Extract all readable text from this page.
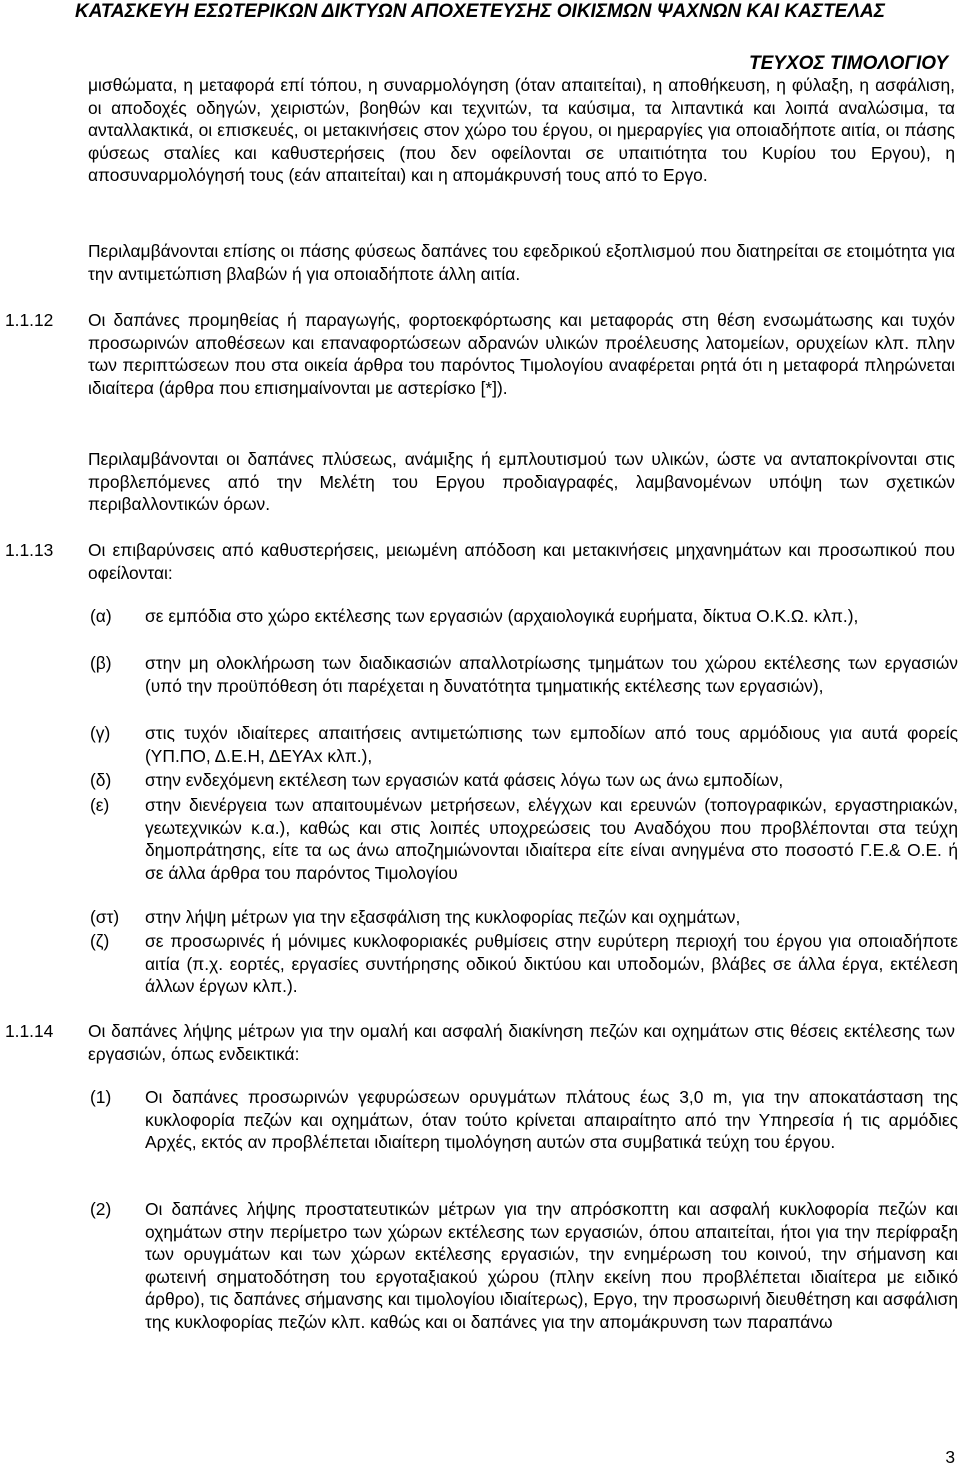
ΚΑΤΑΣΚΕΥΗ ΕΣΩΤΕΡΙΚΩΝ ΔΙΚΤΥΩΝ ΑΠΟΧΕΤΕΥΣΗΣ ΟΙΚΙΣΜΩΝ ΨΑΧΝΩΝ ΚΑΙ ΚΑΣΤΕΛΑΣ
ΤΕΥΧΟΣ ΤΙΜΟΛΟΓΙΟΥ
μισθώματα, η μεταφορά επί τόπου, η συναρμολόγηση (όταν απαιτείται), η αποθήκευση, η φύλαξη, η ασφάλιση, οι αποδοχές οδηγών, χειριστών, βοηθών και τεχνιτών, τα καύσιμα, τα λιπαντικά και λοιπά αναλώσιμα, τα ανταλλακτικά, οι επισκευές, οι μετακινήσεις στον χώρο του έργου, οι ημεραργίες για οποιαδήποτε αιτία, οι πάσης φύσεως σταλίες και καθυστερήσεις (που δεν οφείλονται σε υπαιτιότητα του Κυρίου του Εργου), η αποσυναρμολόγησή τους (εάν απαιτείται) και η απομάκρυνσή τους από το Εργο.
Περιλαμβάνονται επίσης οι πάσης φύσεως δαπάνες του εφεδρικού εξοπλισμού που διατηρείται σε ετοιμότητα για την αντιμετώπιση βλαβών ή για οποιαδήποτε άλλη αιτία.
1.1.12 Οι δαπάνες προμηθείας ή παραγωγής, φορτοεκφόρτωσης και μεταφοράς στη θέση ενσωμάτωσης και τυχόν προσωρινών αποθέσεων και επαναφορτώσεων αδρανών υλικών προέλευσης λατομείων, ορυχείων κλπ. πλην των περιπτώσεων που στα οικεία άρθρα του παρόντος Τιμολογίου αναφέρεται ρητά ότι η μεταφορά πληρώνεται ιδιαίτερα (άρθρα που επισημαίνονται με αστερίσκο [*]).
Περιλαμβάνονται οι δαπάνες πλύσεως, ανάμιξης ή εμπλουτισμού των υλικών, ώστε να ανταποκρίνονται στις προβλεπόμενες από την Μελέτη του Εργου προδιαγραφές, λαμβανομένων υπόψη των σχετικών περιβαλλοντικών όρων.
1.1.13 Οι επιβαρύνσεις από καθυστερήσεις, μειωμένη απόδοση και μετακινήσεις μηχανημάτων και προσωπικού που οφείλονται:
(α) σε εμπόδια στο χώρο εκτέλεσης των εργασιών (αρχαιολογικά ευρήματα, δίκτυα Ο.Κ.Ω. κλπ.),
(β) στην μη ολοκλήρωση των διαδικασιών απαλλοτρίωσης τμημάτων του χώρου εκτέλεσης των εργασιών (υπό την προϋπόθεση ότι παρέχεται η δυνατότητα τμηματικής εκτέλεσης των εργασιών),
(γ) στις τυχόν ιδιαίτερες απαιτήσεις αντιμετώπισης των εμποδίων από τους αρμόδιους για αυτά φορείς (ΥΠ.ΠΟ, Δ.Ε.Η, ΔΕΥΑx κλπ.),
(δ) στην ενδεχόμενη εκτέλεση των εργασιών κατά φάσεις λόγω των ως άνω εμποδίων,
(ε) στην διενέργεια των απαιτουμένων μετρήσεων, ελέγχων και ερευνών (τοπογραφικών, εργαστηριακών, γεωτεχνικών κ.α.), καθώς και στις λοιπές υποχρεώσεις του Αναδόχου που προβλέπονται στα τεύχη δημοπράτησης, είτε τα ως άνω αποζημιώνονται ιδιαίτερα είτε είναι ανηγμένα στο ποσοστό Γ.Ε.& Ο.Ε. ή σε άλλα άρθρα του παρόντος Τιμολογίου
(στ) στην λήψη μέτρων για την εξασφάλιση της κυκλοφορίας πεζών και οχημάτων,
(ζ) σε προσωρινές ή μόνιμες κυκλοφοριακές ρυθμίσεις στην ευρύτερη περιοχή του έργου για οποιαδήποτε αιτία (π.χ. εορτές, εργασίες συντήρησης οδικού δικτύου και υποδομών, βλάβες σε άλλα έργα, εκτέλεση άλλων έργων κλπ.).
1.1.14 Οι δαπάνες λήψης μέτρων για την ομαλή και ασφαλή διακίνηση πεζών και οχημάτων στις θέσεις εκτέλεσης των εργασιών, όπως ενδεικτικά:
(1) Οι δαπάνες προσωρινών γεφυρώσεων ορυγμάτων πλάτους έως 3,0 m, για την αποκατάσταση της κυκλοφορία πεζών και οχημάτων, όταν τούτο κρίνεται απαιραίτητο από την Υπηρεσία ή τις αρμόδιες Αρχές, εκτός αν προβλέπεται ιδιαίτερη τιμολόγηση αυτών στα συμβατικά τεύχη του έργου.
(2) Οι δαπάνες λήψης προστατευτικών μέτρων για την απρόσκοπτη και ασφαλή κυκλοφορία πεζών και οχημάτων στην περίμετρο των χώρων εκτέλεσης των εργασιών, όπου απαιτείται, ήτοι για την περίφραξη των ορυγμάτων και των χώρων εκτέλεσης εργασιών, την ενημέρωση του κοινού, την σήμανση και φωτεινή σηματοδότηση του εργοταξιακού χώρου (πλην εκείνη που προβλέπεται ιδιαίτερα με ειδικό άρθρο), τις δαπάνες σήμανσης και τιμολογίου ιδιαίτερως), Εργο, την προσωρινή διευθέτηση και ασφάλιση της κυκλοφορίας πεζών κλπ. καθώς και οι δαπάνες για την απομάκρυνση των παραπάνω
3
